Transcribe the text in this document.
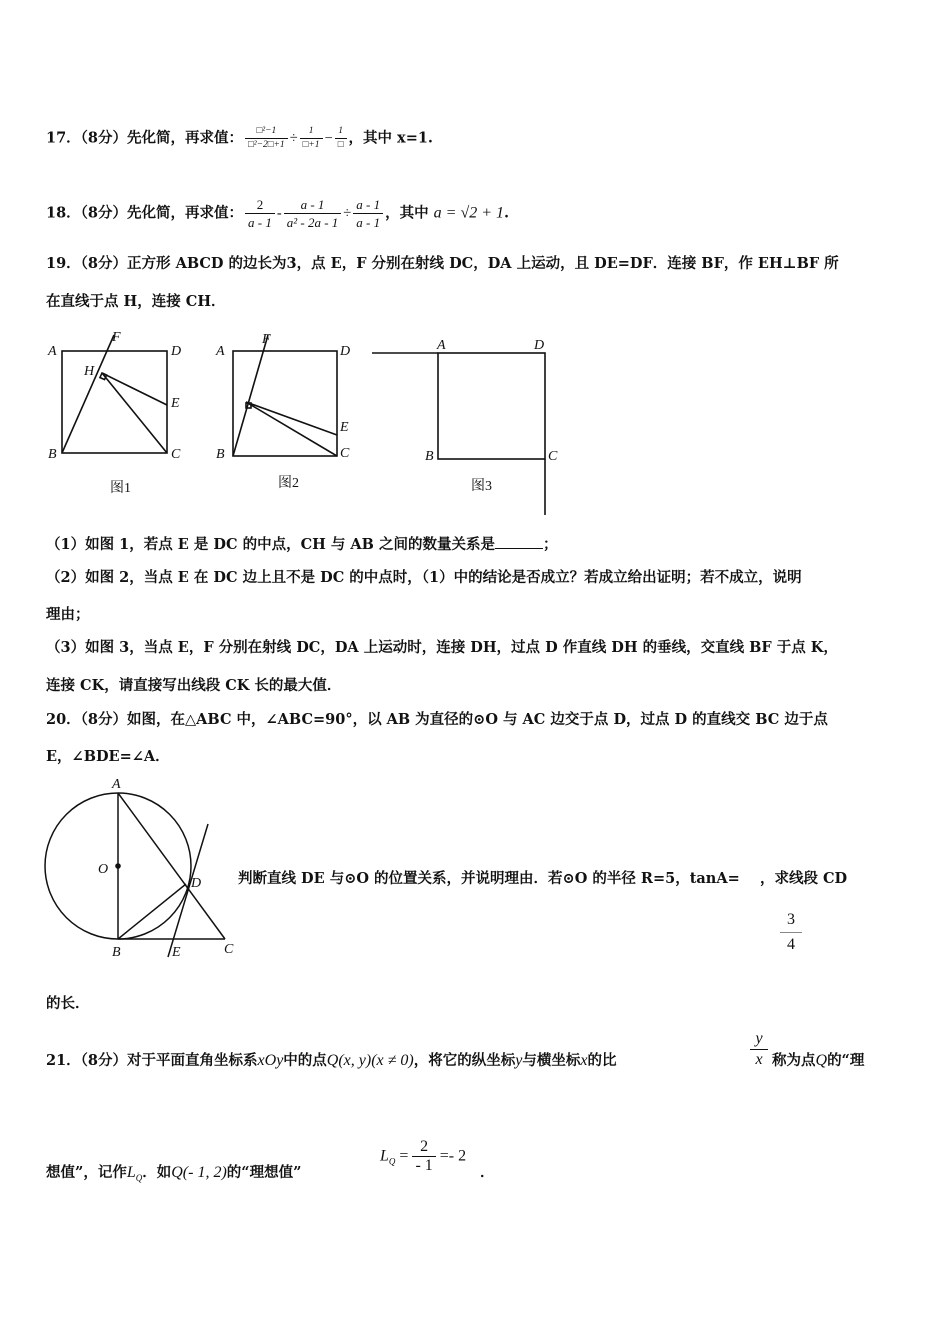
17．（8分）先化简，再求值： $\frac{\text{□²−1}}{\text{□²−2□+1}} \div \frac{1}{□+1} - \frac{1}{□}$ ，其中 x=1.
18．（8分）先化简，再求值： $\frac{2}{a - 1} - \frac{a - 1}{\text{a² - 2a - 1}} \div \frac{a - 1}{a - 1}$ ，其中 a = √2 + 1.
19．（8分）正方形 ABCD 的边长为3，点 E，F 分别在射线 DC，DA 上运动，且 DE=DF．连接 BF，作 EH⊥BF 所
在直线于点 H，连接 CH．
A
F
D
H
E
B	C
A
F
D
E
B	C
A	D
B	C
图1	图2	图3
（1）如图 1，若点 E 是 DC 的中点，CH 与 AB 之间的数量关系是	；
（2）如图 2，当点 E 在 DC 边上且不是 DC 的中点时，（1）中的结论是否成立？若成立给出证明；若不成立，说明
理由；
（3）如图 3，当点 E，F 分别在射线 DC，DA 上运动时，连接 DH，过点 D 作直线 DH 的垂线，交直线 BF 于点 K，
连接 CK，请直接写出线段 CK 长的最大值．
20．（8分）如图，在△ABC 中，∠ABC=90°，以 AB 为直径的⊙O 与 AC 边交于点 D，过点 D 的直线交 BC 边于点
E，∠BDE=∠A．
A
O
D
B	E	C
判断直线 DE 与⊙O 的位置关系，并说明理由．若⊙O 的半径 R=5，tanA= ，求线段 CD
3
4
的长．
21．（8分）对于平面直角坐标系xOy中的点Q(x, y)(x ≠ 0)，将它的纵坐标y与横坐标x的比
y
x 称为点Q的“理
想值”，记作$L_Q$．如Q(- 1, 2)的“理想值”
$L_Q = \frac{2}{- 1} =- 2$
．
